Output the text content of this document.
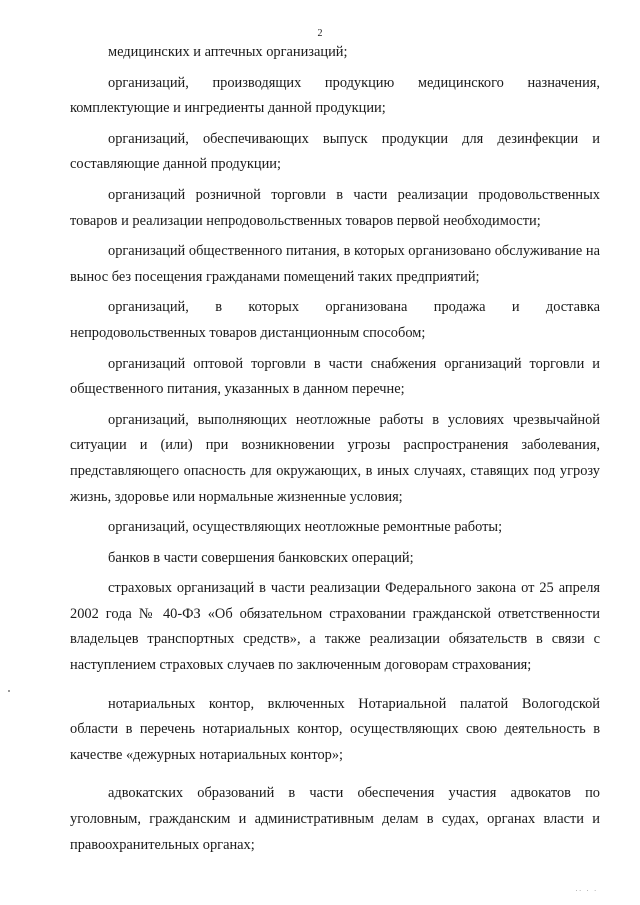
2

медицинских и аптечных организаций;

организаций, производящих продукцию медицинского назначения, комплектующие и ингредиенты данной продукции;

организаций, обеспечивающих выпуск продукции для дезинфекции и составляющие данной продукции;

организаций розничной торговли в части реализации продовольственных товаров и реализации непродовольственных товаров первой необходимости;

организаций общественного питания, в которых организовано обслуживание на вынос без посещения гражданами помещений таких предприятий;

организаций, в которых организована продажа и доставка непродовольственных товаров дистанционным способом;

организаций оптовой торговли в части снабжения организаций торговли и общественного питания, указанных в данном перечне;

организаций, выполняющих неотложные работы в условиях чрезвычайной ситуации и (или) при возникновении угрозы распространения заболевания, представляющего опасность для окружающих, в иных случаях, ставящих под угрозу жизнь, здоровье или нормальные жизненные условия;

организаций, осуществляющих неотложные ремонтные работы;

банков в части совершения банковских операций;

страховых организаций в части реализации Федерального закона от 25 апреля 2002 года № 40-ФЗ «Об обязательном страховании гражданской ответственности владельцев транспортных средств», а также реализации обязательств в связи с наступлением страховых случаев по заключенным договорам страхования;

нотариальных контор, включенных Нотариальной палатой Вологодской области в перечень нотариальных контор, осуществляющих свою деятельность в качестве «дежурных нотариальных контор»;

адвокатских образований в части обеспечения участия адвокатов по уголовным, гражданским и административным делам в судах, органах власти и правоохранительных органах;

.. . .
